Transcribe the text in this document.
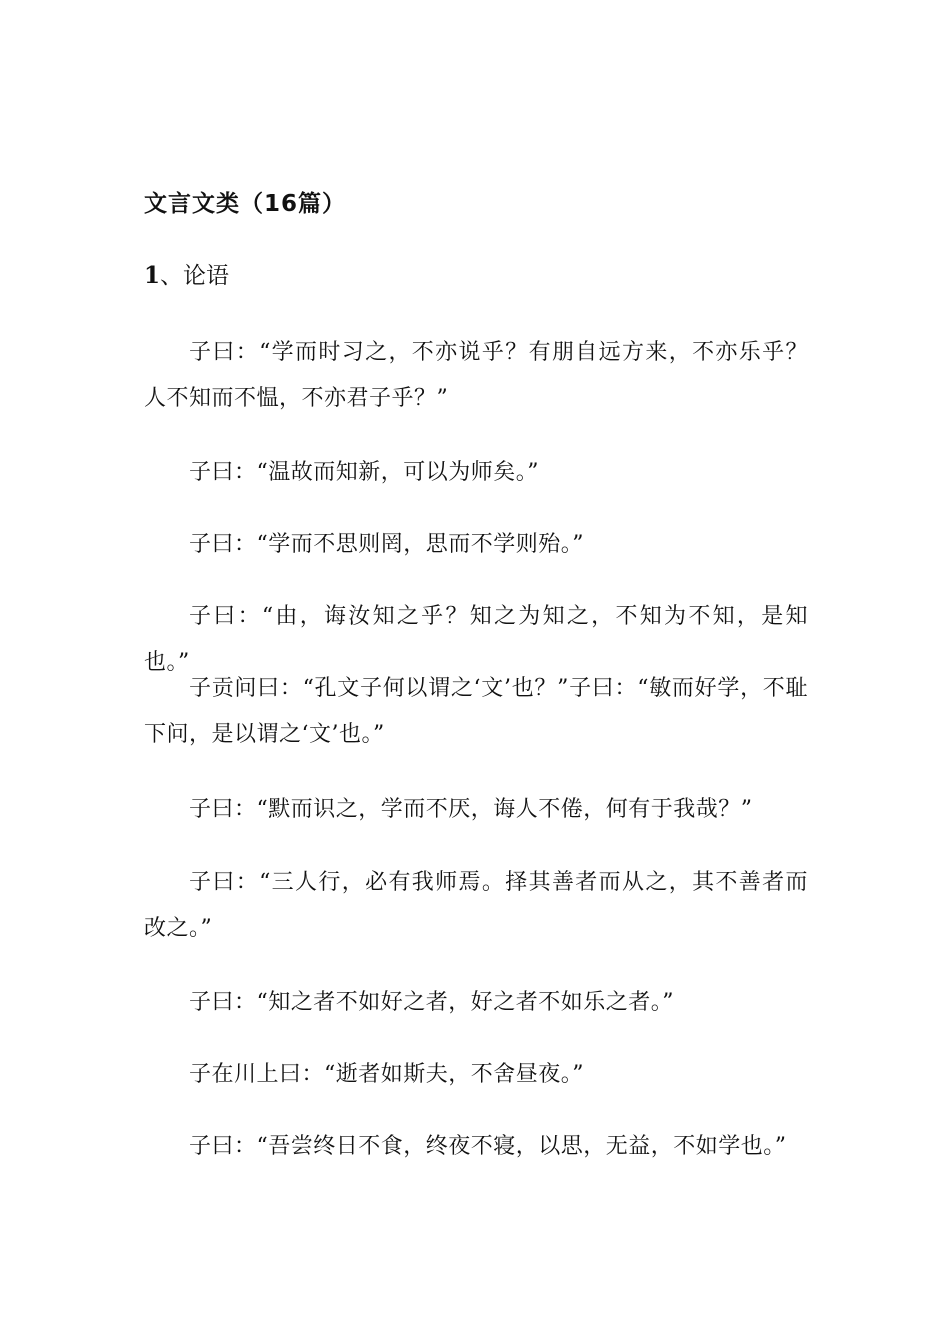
文言文类（16篇）
1、论语

子曰：“学而时习之，不亦说乎？有朋自远方来，不亦乐乎？人不知而不愠，不亦君子乎？”

子曰：“温故而知新，可以为师矣。”

子曰：“学而不思则罔，思而不学则殆。”

子曰：“由，诲汝知之乎？知之为知之，不知为不知，是知也。”

子贡问曰：“孔文子何以谓之‘文’也？”子曰：“敏而好学，不耻下问，是以谓之‘文’也。”

子曰：“默而识之，学而不厌，诲人不倦，何有于我哉？”

子曰：“三人行，必有我师焉。择其善者而从之，其不善者而改之。”

子曰：“知之者不如好之者，好之者不如乐之者。”

子在川上曰：“逝者如斯夫，不舍昼夜。”

子曰：“吾尝终日不食，终夜不寝，以思，无益，不如学也。”
